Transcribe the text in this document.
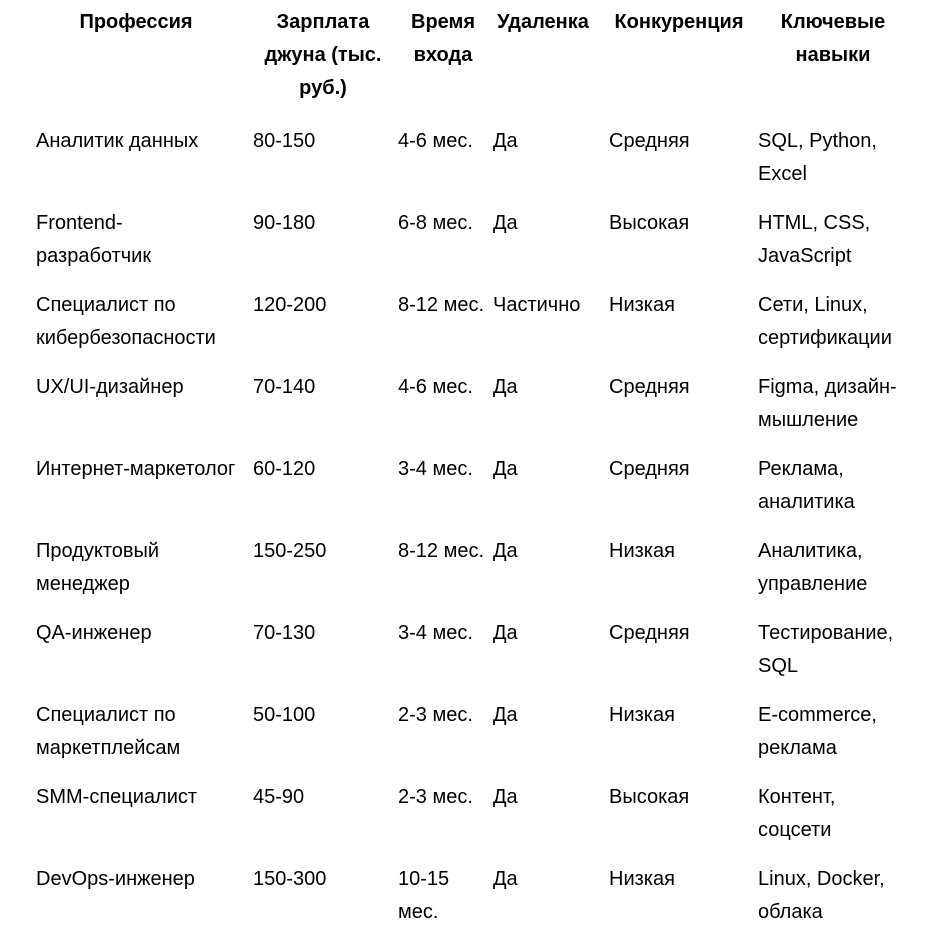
Профессия	Зарплата джуна (тыс. руб.)	Время входа	Удаленка	Конкуренция	Ключевые навыки

Аналитик данных	80-150	4-6 мес.	Да	Средняя	SQL, Python, Excel

Frontend-разработчик	90-180	6-8 мес.	Да	Высокая	HTML, CSS, JavaScript

Специалист по кибербезопасности	120-200	8-12 мес.	Частично	Низкая	Сети, Linux, сертификации

UX/UI-дизайнер	70-140	4-6 мес.	Да	Средняя	Figma, дизайн-мышление

Интернет-маркетолог	60-120	3-4 мес.	Да	Средняя	Реклама, аналитика

Продуктовый менеджер	150-250	8-12 мес.	Да	Низкая	Аналитика, управление

QA-инженер	70-130	3-4 мес.	Да	Средняя	Тестирование, SQL

Специалист по маркетплейсам	50-100	2-3 мес.	Да	Низкая	E-commerce, реклама

SMM-специалист	45-90	2-3 мес.	Да	Высокая	Контент, соцсети

DevOps-инженер	150-300	10-15 мес.	Да	Низкая	Linux, Docker, облака
